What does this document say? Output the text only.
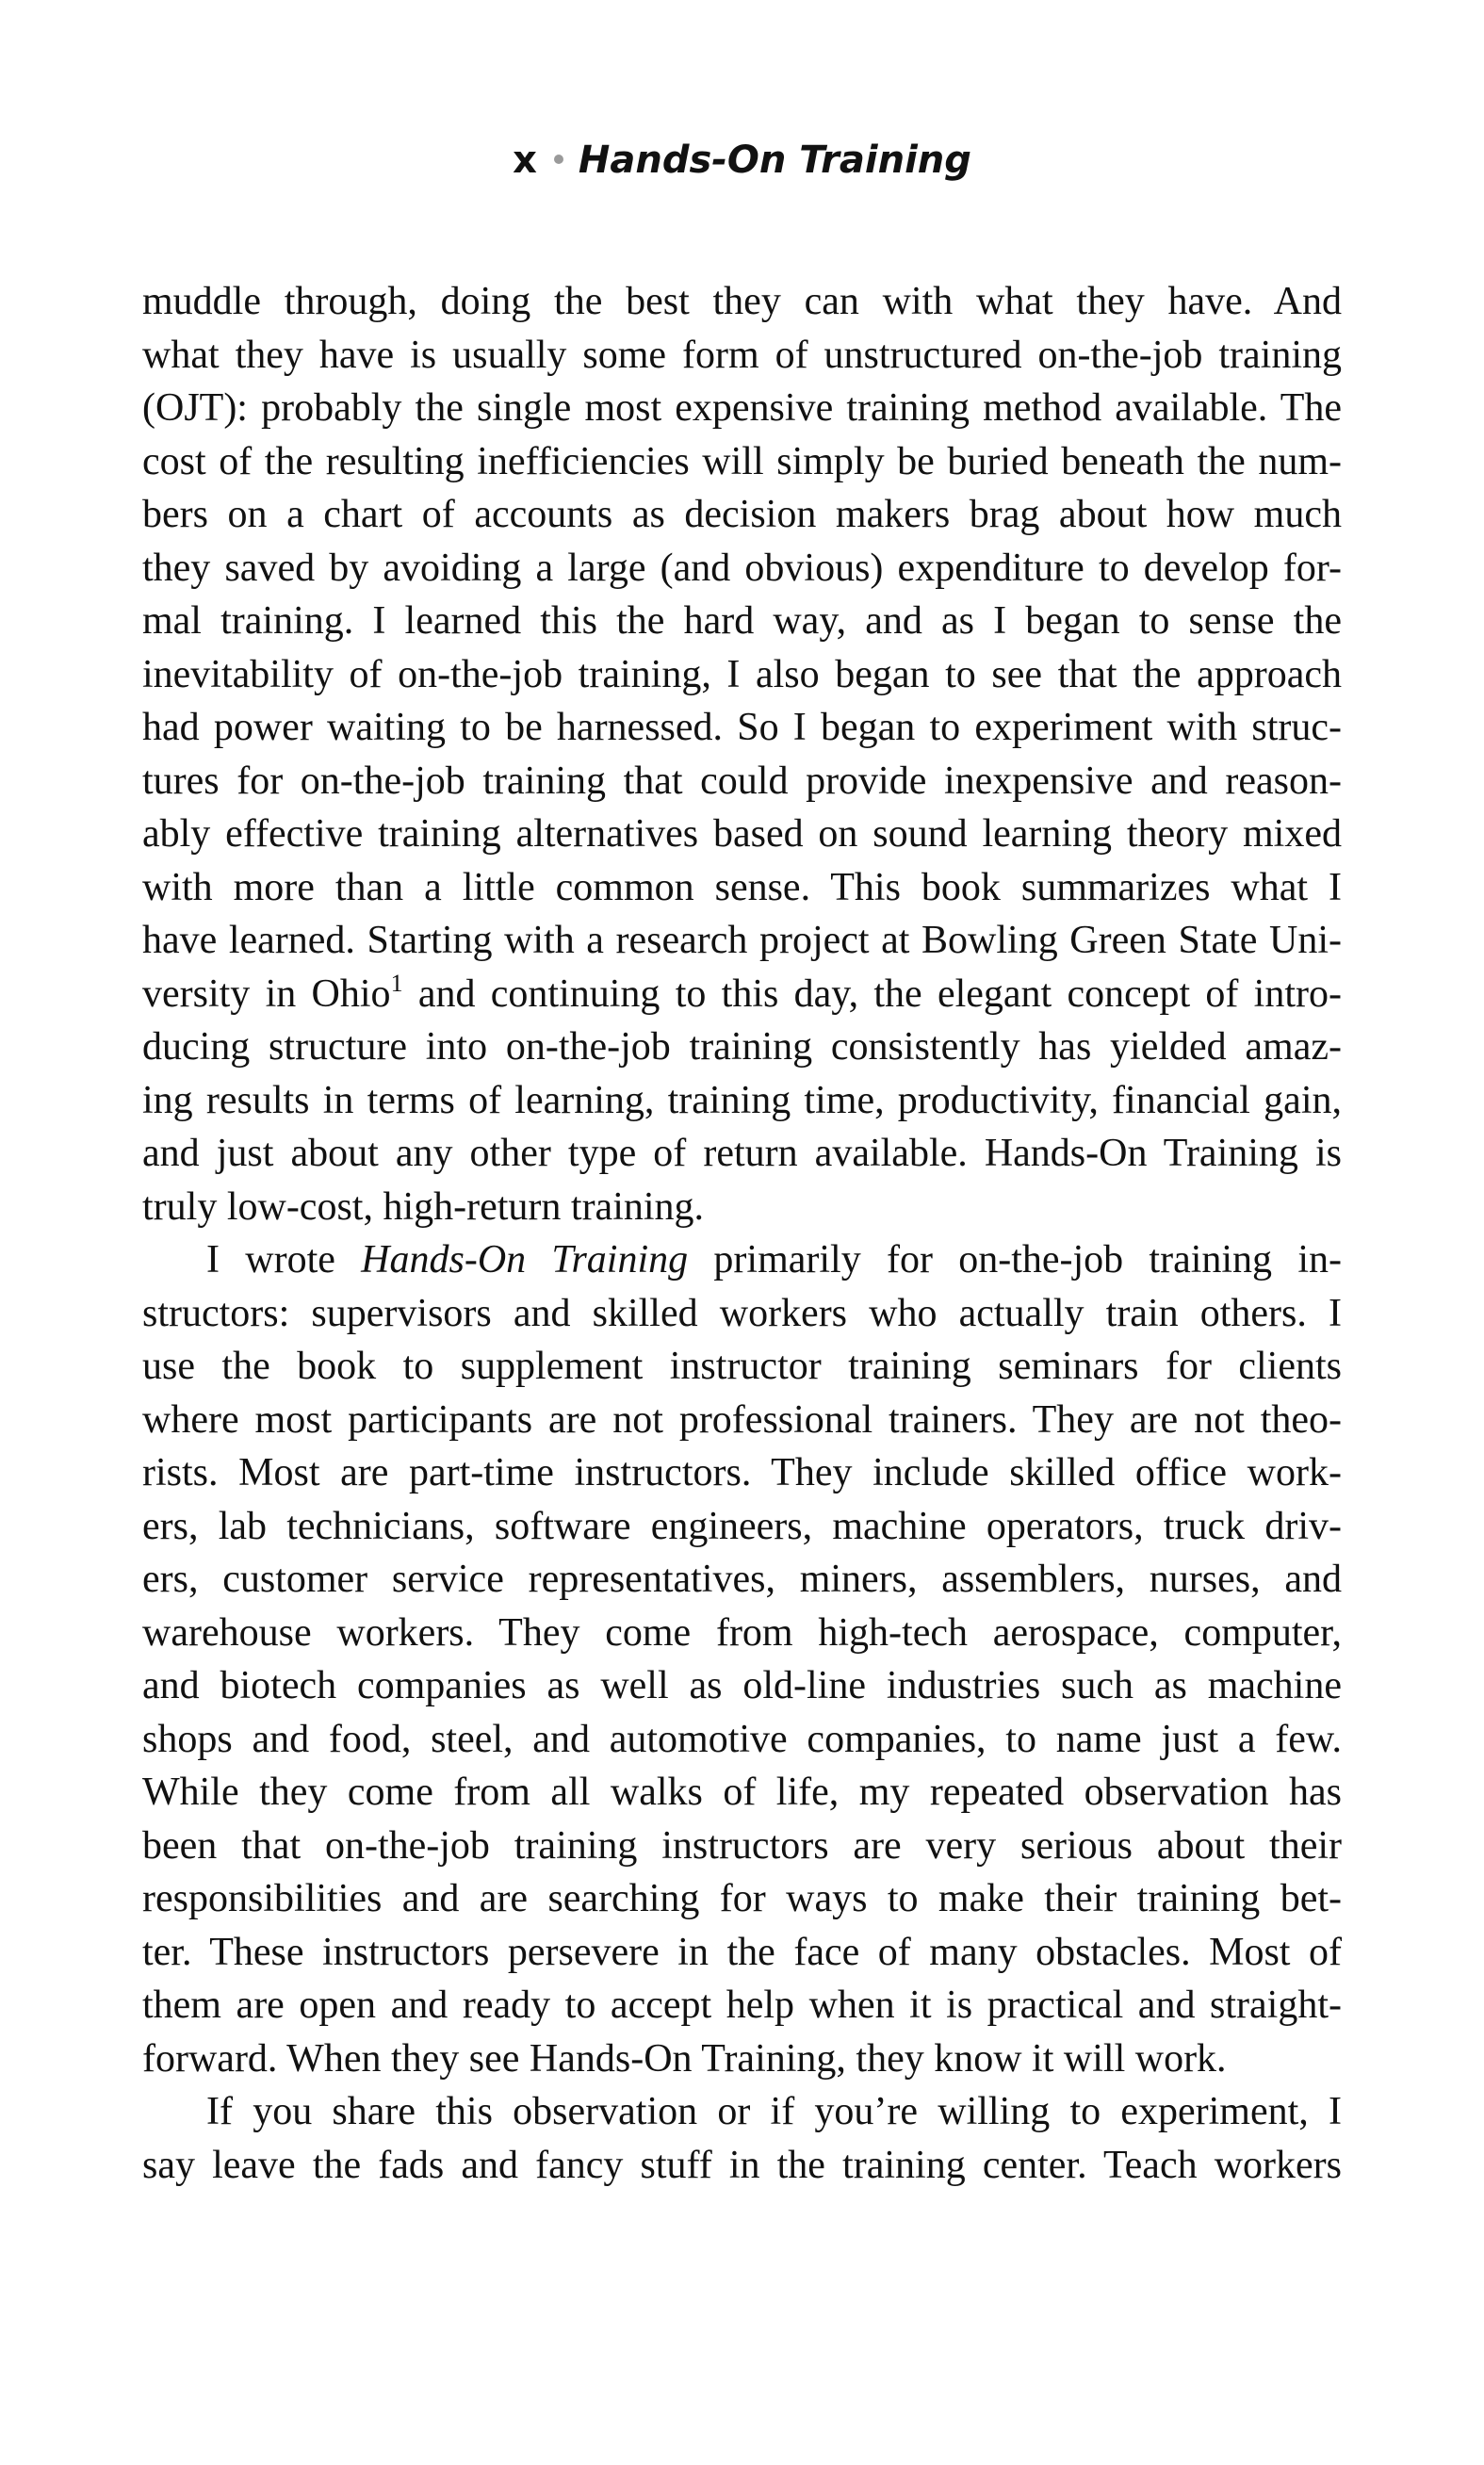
x Hands-On Training

muddle through, doing the best they can with what they have. And
what they have is usually some form of unstructured on-the-job training
(OJT): probably the single most expensive training method available. The
cost of the resulting inefficiencies will simply be buried beneath the num-
bers on a chart of accounts as decision makers brag about how much
they saved by avoiding a large (and obvious) expenditure to develop for-
mal training. I learned this the hard way, and as I began to sense the
inevitability of on-the-job training, I also began to see that the approach
had power waiting to be harnessed. So I began to experiment with struc-
tures for on-the-job training that could provide inexpensive and reason-
ably effective training alternatives based on sound learning theory mixed
with more than a little common sense. This book summarizes what I
have learned. Starting with a research project at Bowling Green State Uni-
versity in Ohio$^1$ and continuing to this day, the elegant concept of intro-
ducing structure into on-the-job training consistently has yielded amaz-
ing results in terms of learning, training time, productivity, financial gain,
and just about any other type of return available. Hands-On Training is
truly low-cost, high-return training.

I wrote Hands-On Training primarily for on-the-job training in-
structors: supervisors and skilled workers who actually train others. I
use the book to supplement instructor training seminars for clients
where most participants are not professional trainers. They are not theo-
rists. Most are part-time instructors. They include skilled office work-
ers, lab technicians, software engineers, machine operators, truck driv-
ers, customer service representatives, miners, assemblers, nurses, and
warehouse workers. They come from high-tech aerospace, computer,
and biotech companies as well as old-line industries such as machine
shops and food, steel, and automotive companies, to name just a few.
While they come from all walks of life, my repeated observation has
been that on-the-job training instructors are very serious about their
responsibilities and are searching for ways to make their training bet-
ter. These instructors persevere in the face of many obstacles. Most of
them are open and ready to accept help when it is practical and straight-
forward. When they see Hands-On Training, they know it will work.

If you share this observation or if you’re willing to experiment, I
say leave the fads and fancy stuff in the training center. Teach workers
